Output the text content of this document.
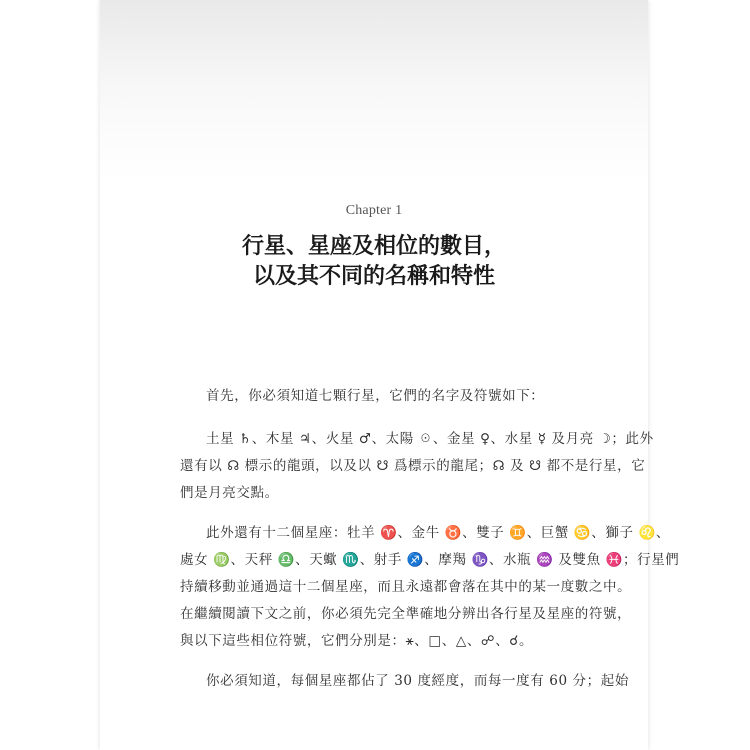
Chapter 1
行星、星座及相位的數目，
以及其不同的名稱和特性
首先，你必須知道七顆行星，它們的名字及符號如下：
土星 ♄、木星 ♃、火星 ♂、太陽 ☉、金星 ♀、水星 ☿ 及月亮 ☽；此外
還有以 ☊ 標示的龍頭，以及以 ☋ 爲標示的龍尾；☊ 及 ☋ 都不是行星，它
們是月亮交點。
此外還有十二個星座：牡羊 ♈、金牛 ♉、雙子 ♊、巨蟹 ♋、獅子 ♌、
處女 ♍、天秤 ♎、天蠍 ♏、射手 ♐、摩羯 ♑、水瓶 ♒ 及雙魚 ♓；行星們
持續移動並通過這十二個星座，而且永遠都會落在其中的某一度數之中。
在繼續閱讀下文之前，你必須先完全準確地分辨出各行星及星座的符號，
與以下這些相位符號，它們分別是：⚹、□、△、☍、☌。
你必須知道，每個星座都佔了 30 度經度，而每一度有 60 分；起始
